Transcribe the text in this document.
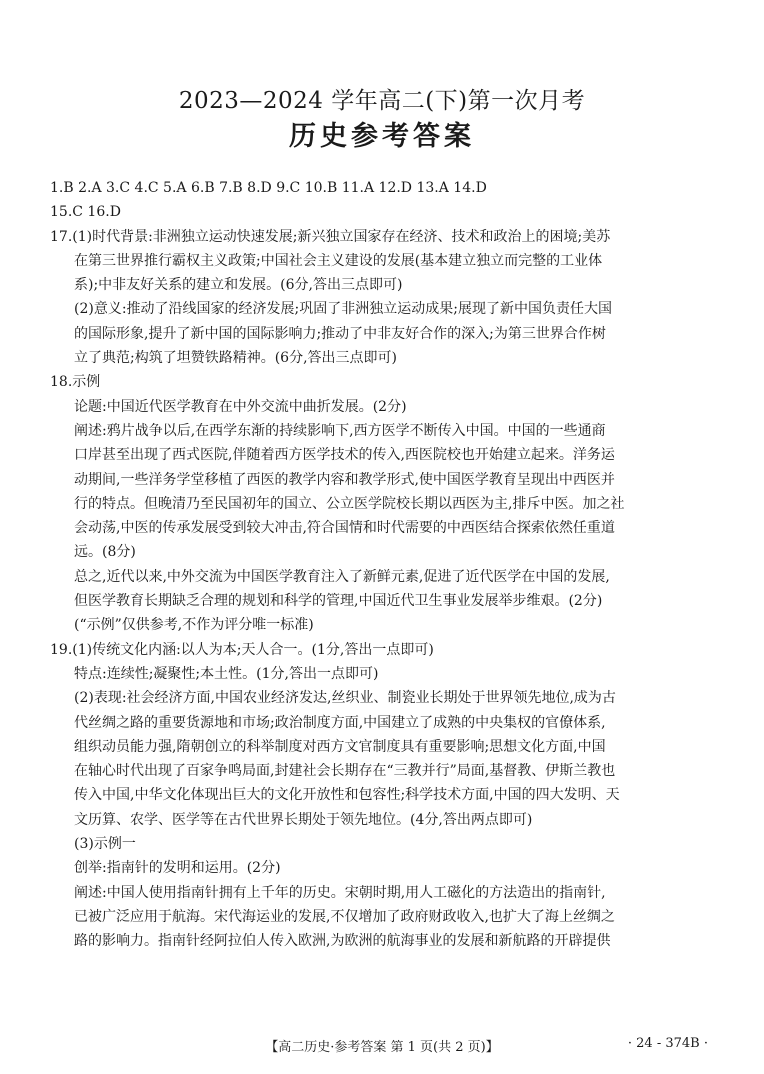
2023—2024 学年高二(下)第一次月考
历史参考答案

1.B 2.A 3.C 4.C 5.A 6.B 7.B 8.D 9.C 10.B 11.A 12.D 13.A 14.D

15.C 16.D

17.(1)时代背景:非洲独立运动快速发展;新兴独立国家存在经济、技术和政治上的困境;美苏

在第三世界推行霸权主义政策;中国社会主义建设的发展(基本建立独立而完整的工业体

系);中非友好关系的建立和发展。(6分,答出三点即可)

(2)意义:推动了沿线国家的经济发展;巩固了非洲独立运动成果;展现了新中国负责任大国

的国际形象,提升了新中国的国际影响力;推动了中非友好合作的深入;为第三世界合作树

立了典范;构筑了坦赞铁路精神。(6分,答出三点即可)

18.示例

论题:中国近代医学教育在中外交流中曲折发展。(2分)

阐述:鸦片战争以后,在西学东渐的持续影响下,西方医学不断传入中国。中国的一些通商

口岸甚至出现了西式医院,伴随着西方医学技术的传入,西医院校也开始建立起来。洋务运

动期间,一些洋务学堂移植了西医的教学内容和教学形式,使中国医学教育呈现出中西医并

行的特点。但晚清乃至民国初年的国立、公立医学院校长期以西医为主,排斥中医。加之社

会动荡,中医的传承发展受到较大冲击,符合国情和时代需要的中西医结合探索依然任重道

远。(8分)

总之,近代以来,中外交流为中国医学教育注入了新鲜元素,促进了近代医学在中国的发展,

但医学教育长期缺乏合理的规划和科学的管理,中国近代卫生事业发展举步维艰。(2分)

(“示例”仅供参考,不作为评分唯一标准)

19.(1)传统文化内涵:以人为本;天人合一。(1分,答出一点即可)

特点:连续性;凝聚性;本土性。(1分,答出一点即可)

(2)表现:社会经济方面,中国农业经济发达,丝织业、制瓷业长期处于世界领先地位,成为古

代丝绸之路的重要货源地和市场;政治制度方面,中国建立了成熟的中央集权的官僚体系,

组织动员能力强,隋朝创立的科举制度对西方文官制度具有重要影响;思想文化方面,中国

在轴心时代出现了百家争鸣局面,封建社会长期存在“三教并行”局面,基督教、伊斯兰教也

传入中国,中华文化体现出巨大的文化开放性和包容性;科学技术方面,中国的四大发明、天

文历算、农学、医学等在古代世界长期处于领先地位。(4分,答出两点即可)

(3)示例一

创举:指南针的发明和运用。(2分)

阐述:中国人使用指南针拥有上千年的历史。宋朝时期,用人工磁化的方法造出的指南针,

已被广泛应用于航海。宋代海运业的发展,不仅增加了政府财政收入,也扩大了海上丝绸之

路的影响力。指南针经阿拉伯人传入欧洲,为欧洲的航海事业的发展和新航路的开辟提供

【高二历史·参考答案 第 1 页(共 2 页)】	· 24 - 374B ·
